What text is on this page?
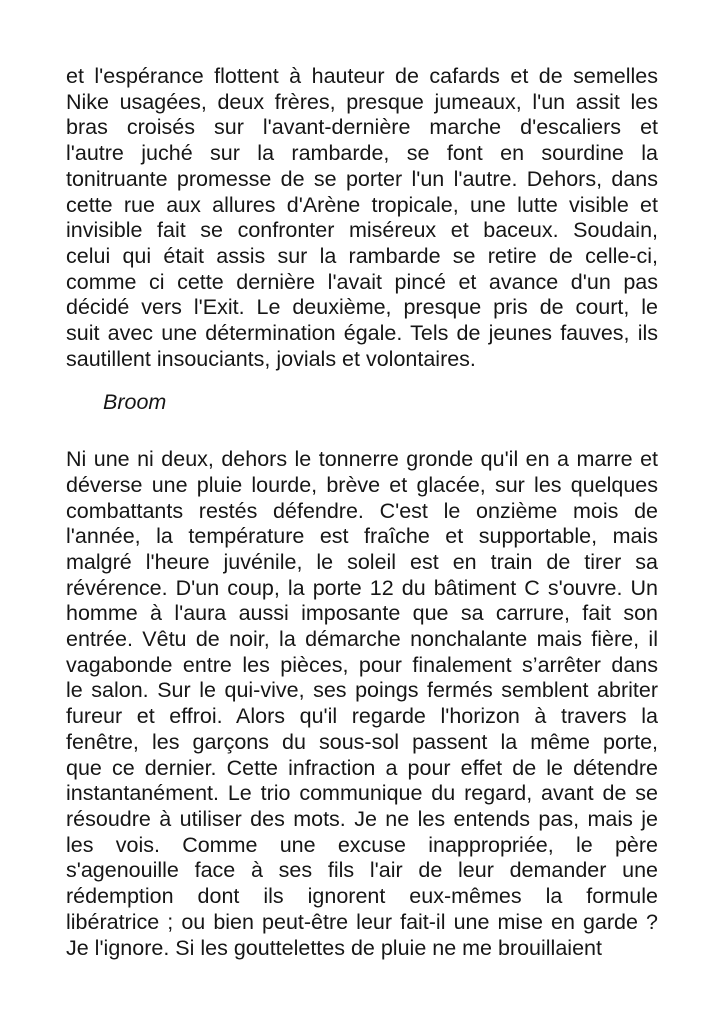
et l'espérance flottent à hauteur de cafards et de semelles
Nike usagées, deux frères, presque jumeaux, l'un assit les
bras croisés sur l'avant-dernière marche d'escaliers et
l'autre juché sur la rambarde, se font en sourdine la
tonitruante promesse de se porter l'un l'autre. Dehors, dans
cette rue aux allures d'Arène tropicale, une lutte visible et
invisible fait se confronter miséreux et baceux. Soudain,
celui qui était assis sur la rambarde se retire de celle-ci,
comme ci cette dernière l'avait pincé et avance d'un pas
décidé vers l'Exit. Le deuxième, presque pris de court, le
suit avec une détermination égale. Tels de jeunes fauves, ils
sautillent insouciants, jovials et volontaires.

Broom

Ni une ni deux, dehors le tonnerre gronde qu'il en a marre et
déverse une pluie lourde, brève et glacée, sur les quelques
combattants restés défendre. C'est le onzième mois de
l'année, la température est fraîche et supportable, mais
malgré l'heure juvénile, le soleil est en train de tirer sa
révérence. D'un coup, la porte 12 du bâtiment C s'ouvre. Un
homme à l'aura aussi imposante que sa carrure, fait son
entrée. Vêtu de noir, la démarche nonchalante mais fière, il
vagabonde entre les pièces, pour finalement s’arrêter dans
le salon. Sur le qui-vive, ses poings fermés semblent abriter
fureur et effroi. Alors qu'il regarde l'horizon à travers la
fenêtre, les garçons du sous-sol passent la même porte,
que ce dernier. Cette infraction a pour effet de le détendre
instantanément. Le trio communique du regard, avant de se
résoudre à utiliser des mots. Je ne les entends pas, mais je
les vois. Comme une excuse inappropriée, le père
s'agenouille face à ses fils l'air de leur demander une
rédemption dont ils ignorent eux-mêmes la formule
libératrice ; ou bien peut-être leur fait-il une mise en garde ?
Je l'ignore. Si les gouttelettes de pluie ne me brouillaient
